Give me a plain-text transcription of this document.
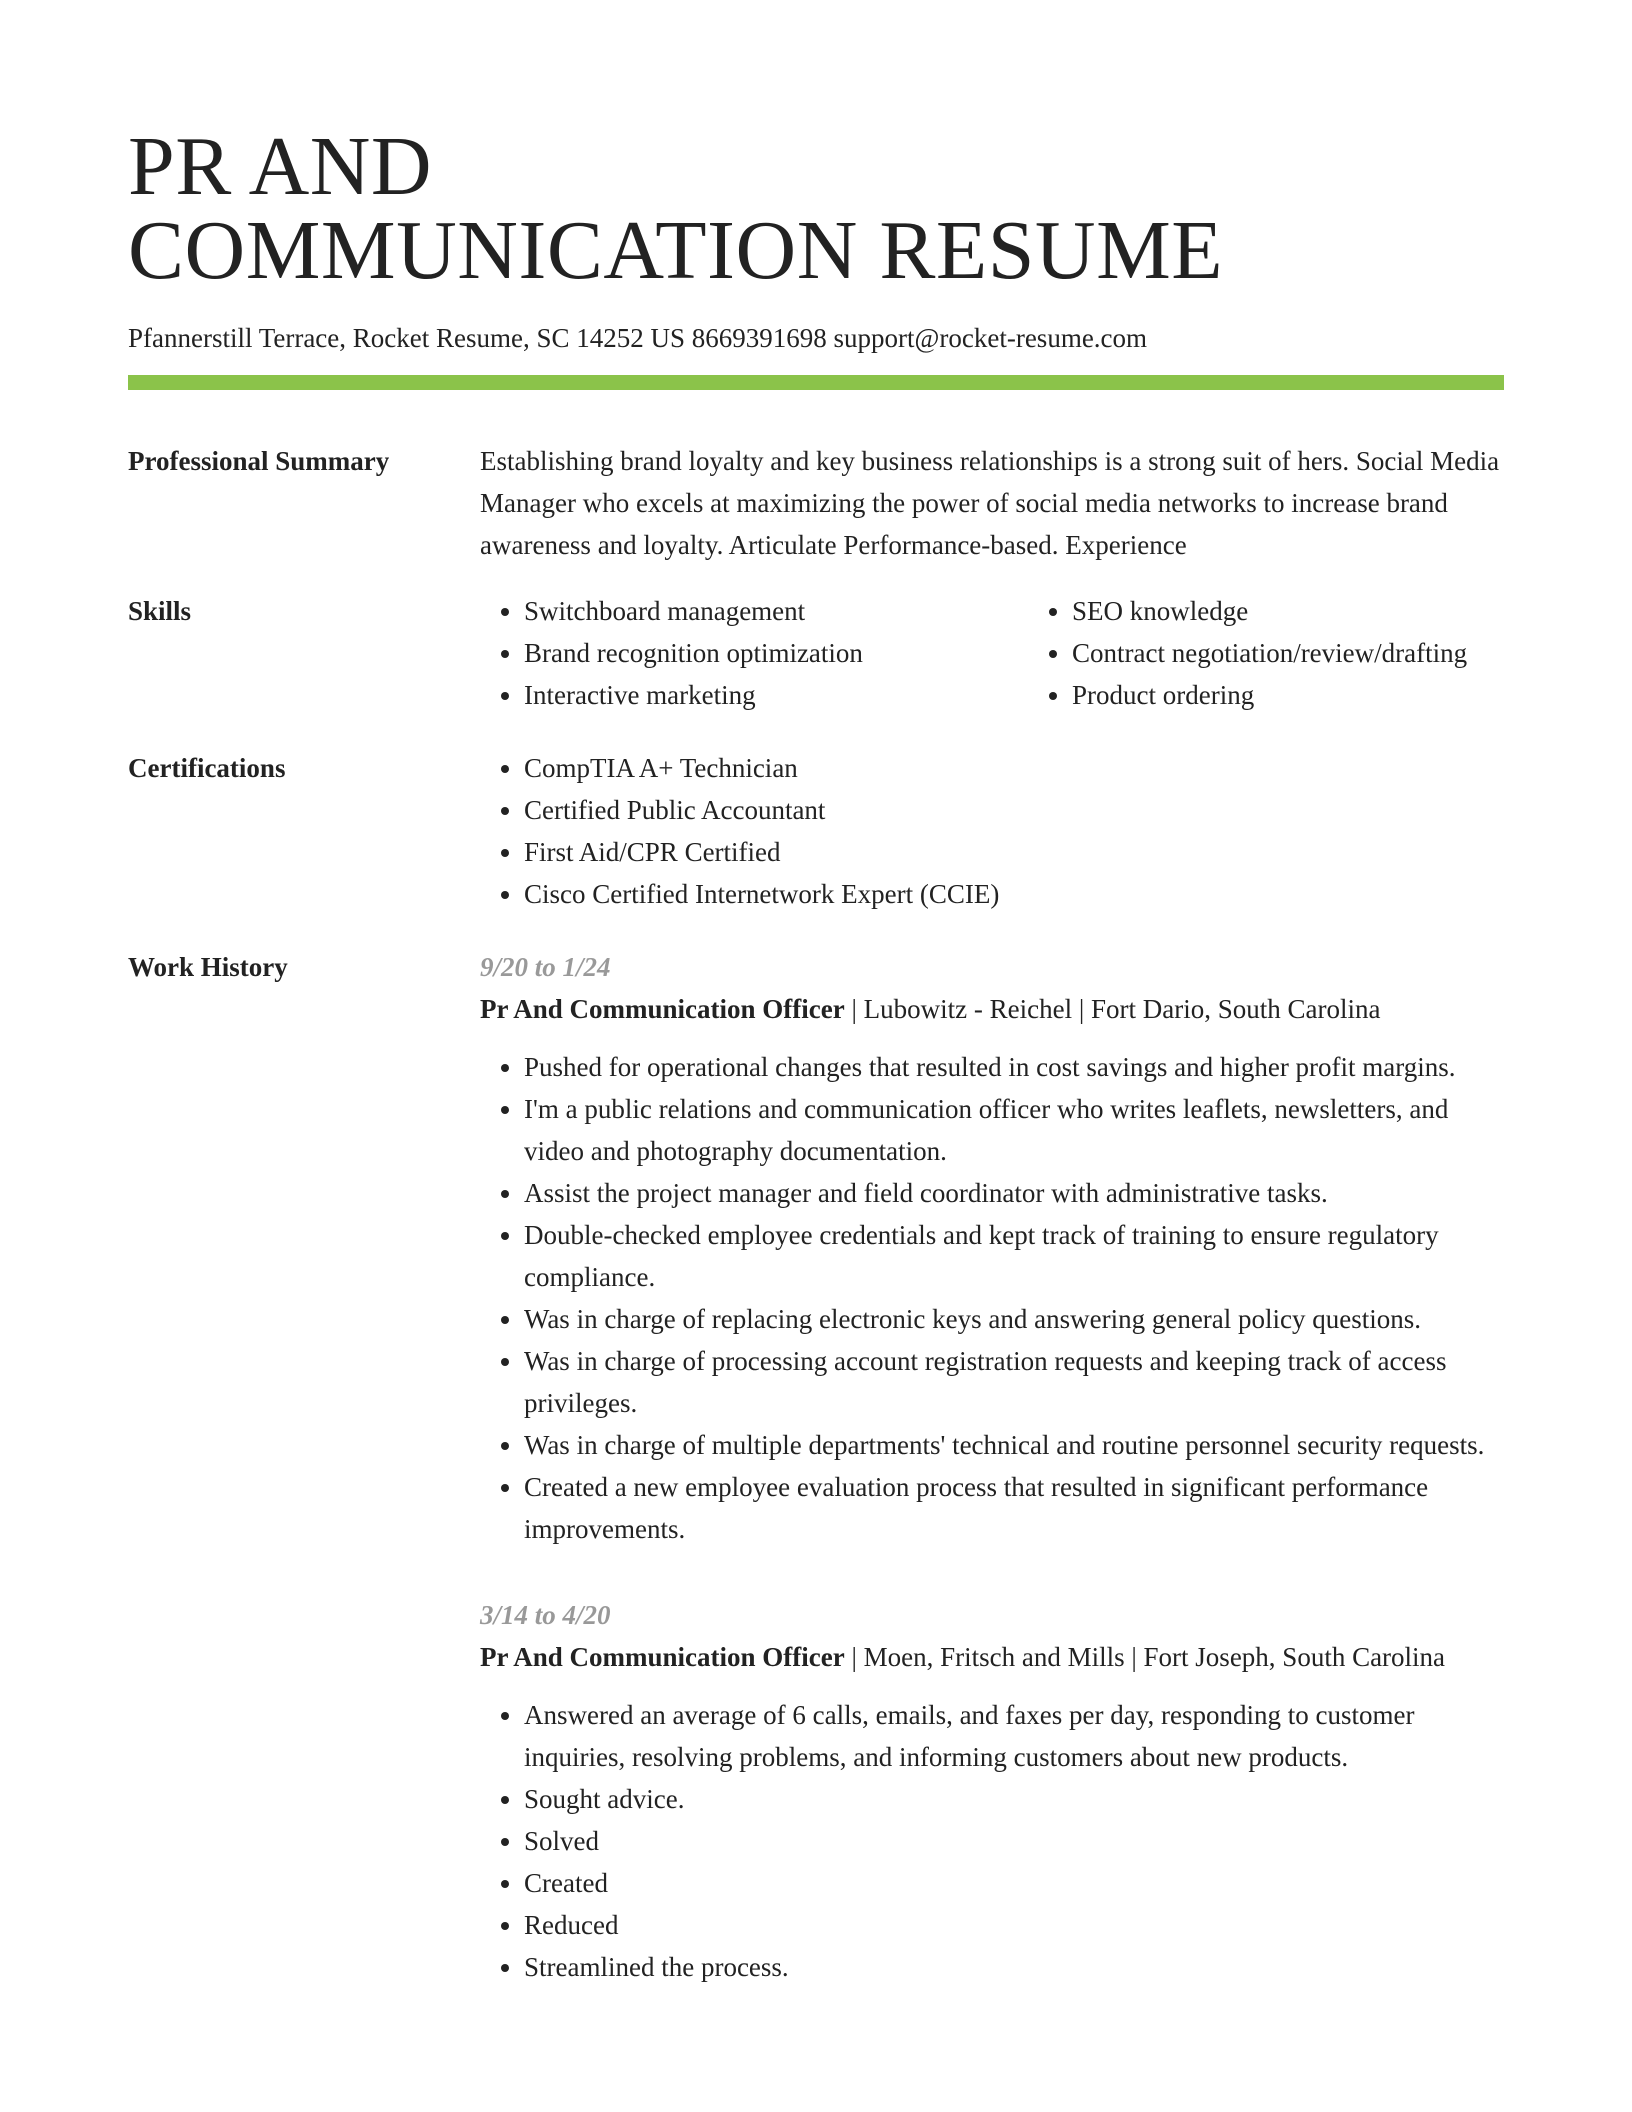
PR AND
COMMUNICATION RESUME
Pfannerstill Terrace, Rocket Resume, SC 14252 US 8669391698 support@rocket-resume.com
Professional Summary	Establishing brand loyalty and key business relationships is a strong suit of hers. Social Media Manager who excels at maximizing the power of social media networks to increase brand awareness and loyalty. Articulate Performance-based. Experience

Skills	• Switchboard management
• Brand recognition optimization
• Interactive marketing
• SEO knowledge
• Contract negotiation/review/drafting
• Product ordering
Certifications	• CompTIA A+ Technician
• Certified Public Accountant
• First Aid/CPR Certified
• Cisco Certified Internetwork Expert (CCIE)
Work History	9/20 to 1/24
Pr And Communication Officer | Lubowitz - Reichel | Fort Dario, South Carolina
• Pushed for operational changes that resulted in cost savings and higher profit margins.
• I'm a public relations and communication officer who writes leaflets, newsletters, and video and photography documentation.
• Assist the project manager and field coordinator with administrative tasks.
• Double-checked employee credentials and kept track of training to ensure regulatory compliance.
• Was in charge of replacing electronic keys and answering general policy questions.
• Was in charge of processing account registration requests and keeping track of access privileges.
• Was in charge of multiple departments' technical and routine personnel security requests.
• Created a new employee evaluation process that resulted in significant performance improvements.
3/14 to 4/20
Pr And Communication Officer | Moen, Fritsch and Mills | Fort Joseph, South Carolina
• Answered an average of 6 calls, emails, and faxes per day, responding to customer inquiries, resolving problems, and informing customers about new products.
• Sought advice.
• Solved
• Created
• Reduced
• Streamlined the process.
